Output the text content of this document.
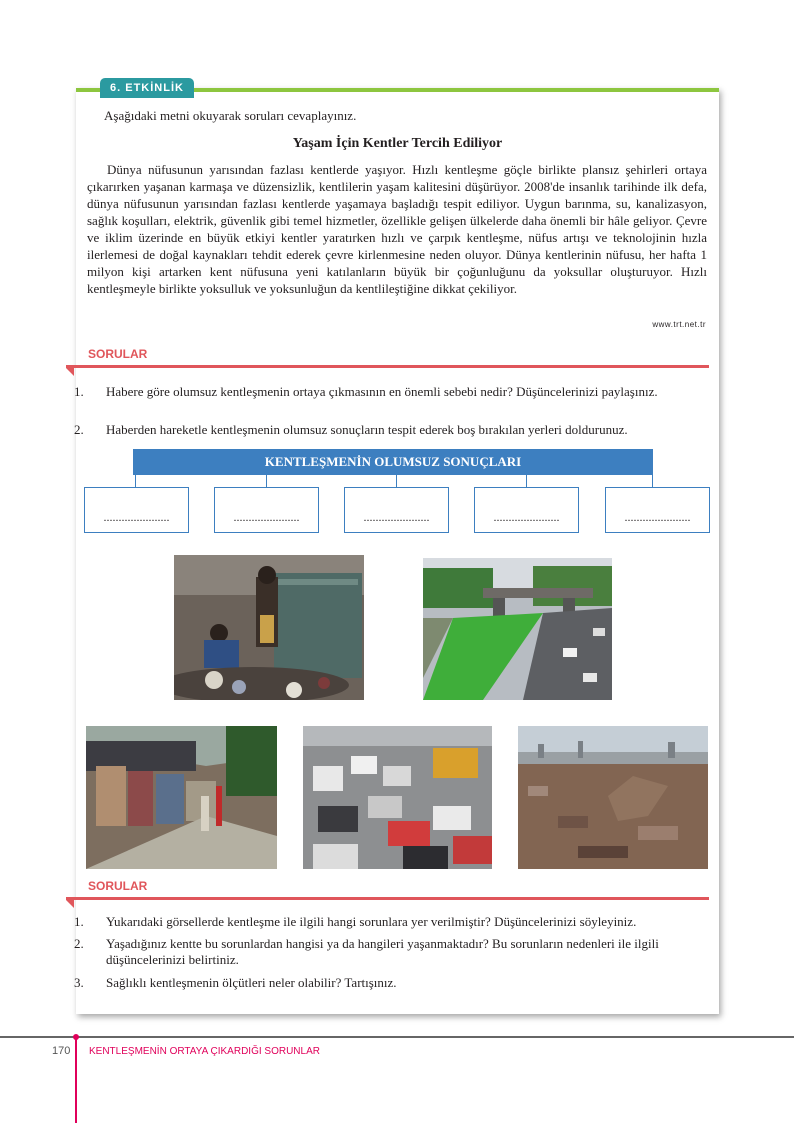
6. ETKİNLİK
Aşağıdaki metni okuyarak soruları cevaplayınız.
Yaşam İçin Kentler Tercih Ediliyor

Dünya nüfusunun yarısından fazlası kentlerde yaşıyor. Hızlı kentleşme göçle birlikte plansız şehirleri ortaya çıkarırken yaşanan karmaşa ve düzensizlik, kentlilerin yaşam kalitesini düşürüyor. 2008'de insanlık tarihinde ilk defa, dünya nüfusunun yarısından fazlası kentlerde yaşamaya başladığı tespit ediliyor. Uygun barınma, su, kanalizasyon, sağlık koşulları, elektrik, güvenlik gibi temel hizmetler, özellikle gelişen ülkelerde daha önemli bir hâle geliyor. Çevre ve iklim üzerinde en büyük etkiyi kentler yaratırken hızlı ve çarpık kentleşme, nüfus artışı ve teknolojinin hızla ilerlemesi de doğal kaynakları tehdit ederek çevre kirlenmesine neden oluyor. Dünya kentlerinin nüfusu, her hafta 1 milyon kişi artarken kent nüfusuna yeni katılanların büyük bir çoğunluğunu da yoksullar oluşturuyor. Hızlı kentleşmeyle birlikte yoksulluk ve yoksunluğun da kentlileştiğine dikkat çekiliyor.

www.trt.net.tr
SORULAR

1. Habere göre olumsuz kentleşmenin ortaya çıkmasının en önemli sebebi nedir? Düşüncelerinizi paylaşınız.

2. Haberden hareketle kentleşmenin olumsuz sonuçların tespit ederek boş bırakılan yerleri doldurunuz.

KENTLEŞMENİN OLUMSUZ SONUÇLARI
......................	......................	......................	......................	......................
SORULAR

1. Yukarıdaki görsellerde kentleşme ile ilgili hangi sorunlara yer verilmiştir? Düşüncelerinizi söyleyiniz.

2. Yaşadığınız kentte bu sorunlardan hangisi ya da hangileri yaşanmaktadır? Bu sorunların nedenleri ile ilgili düşüncelerinizi belirtiniz.

3. Sağlıklı kentleşmenin ölçütleri neler olabilir? Tartışınız.

170 KENTLEŞMENİN ORTAYA ÇIKARDIĞI SORUNLAR
